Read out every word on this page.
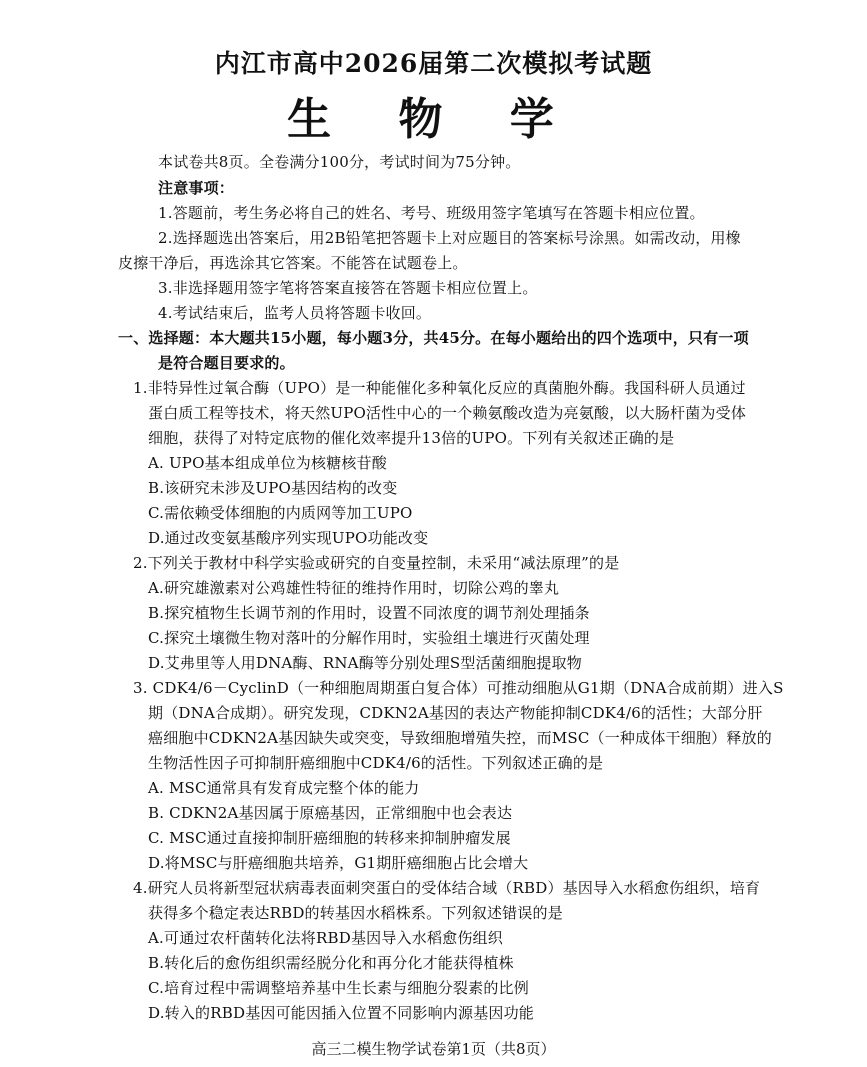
内江市高中2026届第二次模拟考试题
生 物 学
本试卷共8页。全卷满分100分，考试时间为75分钟。
注意事项：
1.答题前，考生务必将自己的姓名、考号、班级用签字笔填写在答题卡相应位置。
2.选择题选出答案后，用2B铅笔把答题卡上对应题目的答案标号涂黑。如需改动，用橡
皮擦干净后，再选涂其它答案。不能答在试题卷上。
3.非选择题用签字笔将答案直接答在答题卡相应位置上。
4.考试结束后，监考人员将答题卡收回。
一、选择题：本大题共15小题，每小题3分，共45分。在每小题给出的四个选项中，只有一项
是符合题目要求的。
1.非特异性过氧合酶（UPO）是一种能催化多种氧化反应的真菌胞外酶。我国科研人员通过
蛋白质工程等技术，将天然UPO活性中心的一个赖氨酸改造为亮氨酸，以大肠杆菌为受体
细胞，获得了对特定底物的催化效率提升13倍的UPO。下列有关叙述正确的是
A. UPO基本组成单位为核糖核苷酸
B.该研究未涉及UPO基因结构的改变
C.需依赖受体细胞的内质网等加工UPO
D.通过改变氨基酸序列实现UPO功能改变
2.下列关于教材中科学实验或研究的自变量控制，未采用“减法原理”的是
A.研究雄激素对公鸡雄性特征的维持作用时，切除公鸡的睾丸
B.探究植物生长调节剂的作用时，设置不同浓度的调节剂处理插条
C.探究土壤微生物对落叶的分解作用时，实验组土壤进行灭菌处理
D.艾弗里等人用DNA酶、RNA酶等分别处理S型活菌细胞提取物
3. CDK4/6－CyclinD（一种细胞周期蛋白复合体）可推动细胞从G1期（DNA合成前期）进入S
期（DNA合成期）。研究发现，CDKN2A基因的表达产物能抑制CDK4/6的活性；大部分肝
癌细胞中CDKN2A基因缺失或突变，导致细胞增殖失控，而MSC（一种成体干细胞）释放的
生物活性因子可抑制肝癌细胞中CDK4/6的活性。下列叙述正确的是
A. MSC通常具有发育成完整个体的能力
B. CDKN2A基因属于原癌基因，正常细胞中也会表达
C. MSC通过直接抑制肝癌细胞的转移来抑制肿瘤发展
D.将MSC与肝癌细胞共培养，G1期肝癌细胞占比会增大
4.研究人员将新型冠状病毒表面刺突蛋白的受体结合域（RBD）基因导入水稻愈伤组织，培育
获得多个稳定表达RBD的转基因水稻株系。下列叙述错误的是
A.可通过农杆菌转化法将RBD基因导入水稻愈伤组织
B.转化后的愈伤组织需经脱分化和再分化才能获得植株
C.培育过程中需调整培养基中生长素与细胞分裂素的比例
D.转入的RBD基因可能因插入位置不同影响内源基因功能
高三二模生物学试卷第1页（共8页）
